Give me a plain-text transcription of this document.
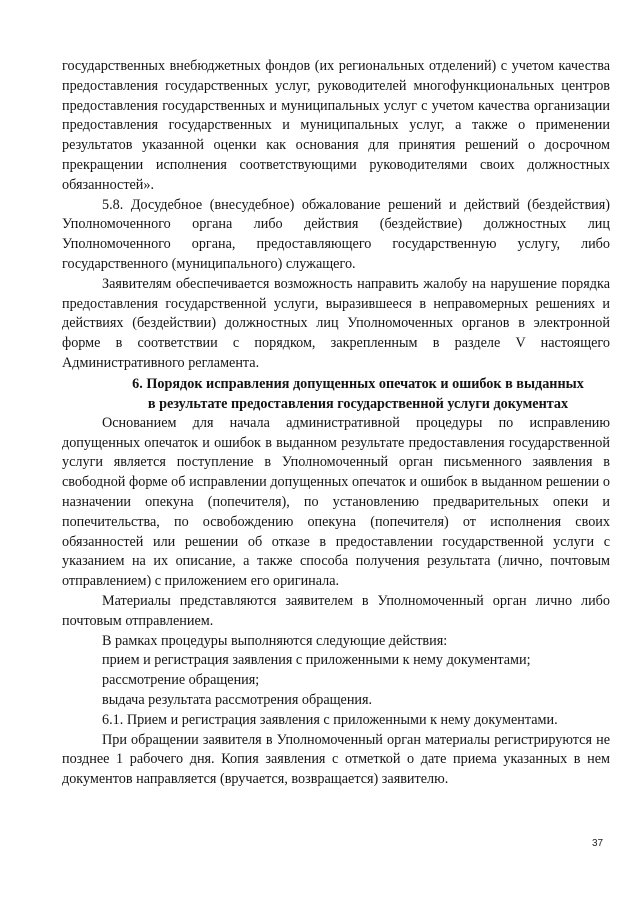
государственных внебюджетных фондов (их региональных отделений) с учетом качества предоставления государственных услуг, руководителей многофункциональных центров предоставления государственных и муниципальных услуг с учетом качества организации предоставления государственных и муниципальных услуг, а также о применении результатов указанной оценки как основания для принятия решений о досрочном прекращении исполнения соответствующими руководителями своих должностных обязанностей».

5.8. Досудебное (внесудебное) обжалование решений и действий (бездействия) Уполномоченного органа либо действия (бездействие) должностных лиц Уполномоченного органа, предоставляющего государственную услугу, либо государственного (муниципального) служащего.

Заявителям обеспечивается возможность направить жалобу на нарушение порядка предоставления государственной услуги, выразившееся в неправомерных решениях и действиях (бездействии) должностных лиц Уполномоченных органов в электронной форме в соответствии с порядком, закрепленным в разделе V настоящего Административного регламента.

6. Порядок исправления допущенных опечаток и ошибок в выданных
в результате предоставления государственной услуги документах

Основанием для начала административной процедуры по исправлению допущенных опечаток и ошибок в выданном результате предоставления государственной услуги является поступление в Уполномоченный орган письменного заявления в свободной форме об исправлении допущенных опечаток и ошибок в выданном решении о назначении опекуна (попечителя), по установлению предварительных опеки и попечительства, по освобождению опекуна (попечителя) от исполнения своих обязанностей или решении об отказе в предоставлении государственной услуги с указанием на их описание, а также способа получения результата (лично, почтовым отправлением) с приложением его оригинала.

Материалы представляются заявителем в Уполномоченный орган лично либо почтовым отправлением.

В рамках процедуры выполняются следующие действия:

прием и регистрация заявления с приложенными к нему документами;

рассмотрение обращения;

выдача результата рассмотрения обращения.

6.1. Прием и регистрация заявления с приложенными к нему документами.

При обращении заявителя в Уполномоченный орган материалы регистрируются не позднее 1 рабочего дня. Копия заявления с отметкой о дате приема указанных в нем документов направляется (вручается, возвращается) заявителю.

37
